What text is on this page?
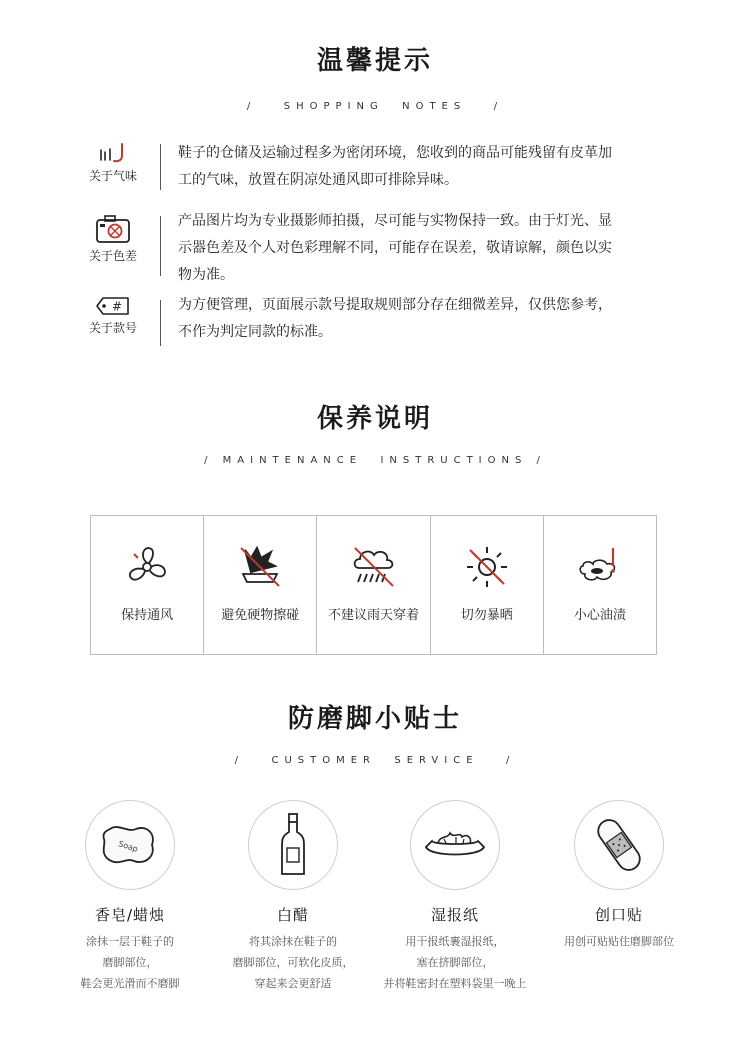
温馨提示
/   SHOPPING  NOTES   /
关于气味
鞋子的仓储及运输过程多为密闭环境，您收到的商品可能残留有皮革加
工的气味，放置在阴凉处通风即可排除异味。
关于色差
产品图片均为专业摄影师拍摄，尽可能与实物保持一致。由于灯光、显
示器色差及个人对色彩理解不同，可能存在误差，敬请谅解，颜色以实
物为准。
#
关于款号
为方便管理，页面展示款号提取规则部分存在细微差异，仅供您参考，
不作为判定同款的标准。
保养说明
/ MAINTENANCE  INSTRUCTIONS /
保持通风	避免硬物擦碰	不建议雨天穿着	切勿暴晒	小心油渍
防磨脚小贴士
/   CUSTOMER  SERVICE   /
Soap
香皂/蜡烛
涂抹一层于鞋子的
磨脚部位，
鞋会更光滑而不磨脚
白醋
将其涂抹在鞋子的
磨脚部位，可软化皮质，
穿起来会更舒适
湿报纸
用干报纸裹湿报纸，
塞在挤脚部位，
并将鞋密封在塑料袋里一晚上
创口贴
用创可贴贴住磨脚部位
